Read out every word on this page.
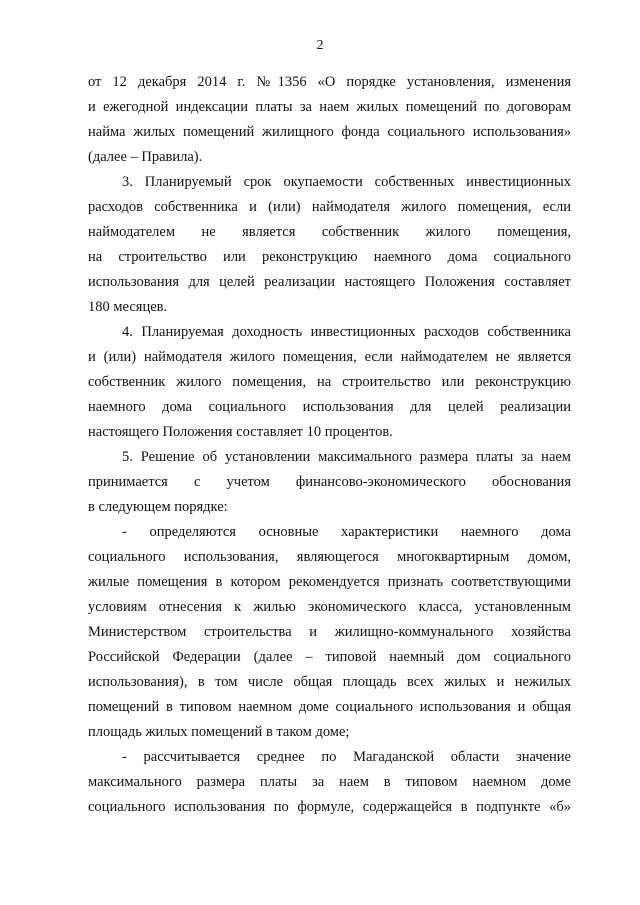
2
от 12 декабря 2014 г. №1356 «О порядке установления, изменения
и ежегодной индексации платы за наем жилых помещений по договорам
найма жилых помещений жилищного фонда социального использования»
(далее – Правила).
3. Планируемый срок окупаемости собственных инвестиционных
расходов собственника и (или) наймодателя жилого помещения, если
наймодателем не является собственник жилого помещения,
на строительство или реконструкцию наемного дома социального
использования для целей реализации настоящего Положения составляет
180 месяцев.
4. Планируемая доходность инвестиционных расходов собственника
и (или) наймодателя жилого помещения, если наймодателем не является
собственник жилого помещения, на строительство или реконструкцию
наемного дома социального использования для целей реализации
настоящего Положения составляет 10 процентов.
5. Решение об установлении максимального размера платы за наем
принимается с учетом финансово-экономического обоснования
в следующем порядке:
- определяются основные характеристики наемного дома
социального использования, являющегося многоквартирным домом,
жилые помещения в котором рекомендуется признать соответствующими
условиям отнесения к жилью экономического класса, установленным
Министерством строительства и жилищно-коммунального хозяйства
Российской Федерации (далее – типовой наемный дом социального
использования), в том числе общая площадь всех жилых и нежилых
помещений в типовом наемном доме социального использования и общая
площадь жилых помещений в таком доме;
- рассчитывается среднее по Магаданской области значение
максимального размера платы за наем в типовом наемном доме
социального использования по формуле, содержащейся в подпункте «б»
